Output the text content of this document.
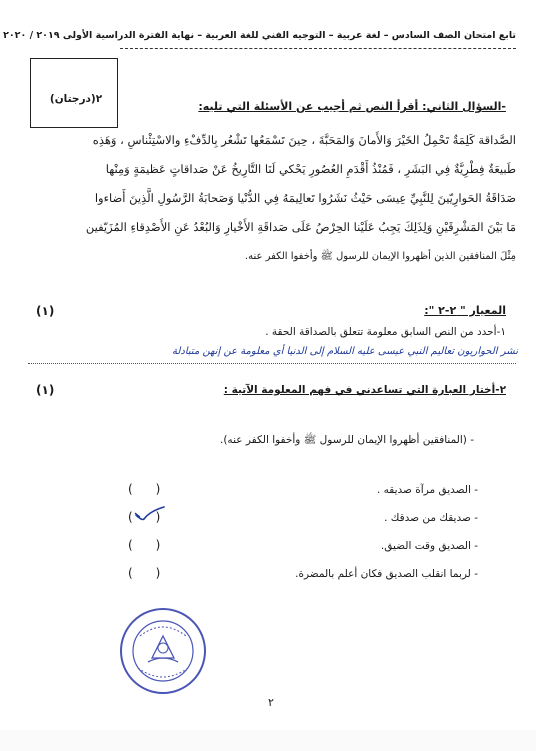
تابع امتحان الصف السادس – لغة عربية – التوجيه الفني للغة العربية – نهاية الفترة الدراسية الأولى ٢٠١٩ / ٢٠٢٠
٢(درجتان)
-السؤال الثاني: أقرأ النص ثم أجيب عن الأسئلة التي تليه:
الصَّداقة كَلِمَةٌ تَحْمِلُ الخَيْرَ وَالأَمانَ وَالمَحَبَّةَ ، حِينَ تَسْمَعُها تَشْعُر بِالدِّفْءِ والاسْتِئْناسِ ، وَهَذِه
طَبيعَةٌ فِطْرِيَّةٌ فِي البَشَرِ ، فَمُنْذُ أَقْدَمِ العُصُورِ يَحْكي لَنَا التَّارِيخُ عَنْ صَداقاتٍ عَظيمَةٍ وَمِنْها
صَدَاقَةُ الحَوارِيّينَ لِلنَّبِيِّ عِيسَى حَيْثُ نَشَرُوا تَعالِيمَهُ فِي الدُّنْيا وَصَحابَةُ الرَّسُولِ الَّذِينَ أَضاءوا
مَا بَيْنَ المَشْرِقَيْنِ وَلِذَلِكَ يَجِبُ عَلَيْنا الحِرْصُ عَلَى صَداقَةِ الأَخْيارِ وَالبُعْدُ عَنِ الأَصْدِقاءِ المُزَيّفين
مِثْلَ المنافقين الذين أظهروا الإيمان للرسول ﷺ وأخفوا الكفر عنه.
المعيار " ٢-٢ ":
(١)
١-أحدد من النص السابق معلومة تتعلق بالصداقة الحقة .
نشر الحواريون تعاليم النبي عيسى عليه السلام إلى الدنيا أي معلومة عن إنهن متبادلة
٢-أختار العبارة التي تساعدني في فهم المعلومة الآتية :
(١)
- (المنافقين أظهروا الإيمان للرسول ﷺ وأخفوا الكفر عنه).
- الصديق مرآة صديقه .
(      )
- صديقك من صدقك .
(      )
- الصديق وقت الضيق.
(      )
- لربما انقلب الصديق فكان أعلم بالمضرة.
(      )
٢
